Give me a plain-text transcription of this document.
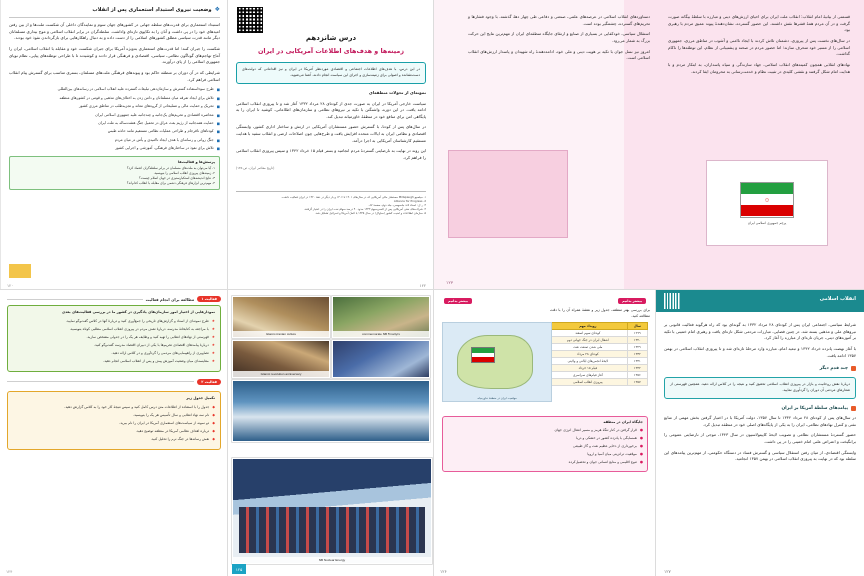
❖
وضعیت نیروی استبداد استعماری پس از انقلاب

استبداد استعماری برای قدرت‌های سلطه جهانی در کشورهای جهان سوم و نمایندگان داخلی آن شکست ملت‌ها و از بین رفتن امیدهای خود را در پی داشت و آنان را به تکاپوی تازه‌ای واداشت. سلطه‌گران در برابر انقلاب اسلامی و موج بیداری مسلمانان دیگر مانند قدرت سیاسی مطلق کشورهای اسلامی را از دست داده و به دنبال راهکارهایی برای بازگرداندن نفوذ خود بودند.

شکست را جبران کنند؛ اما قدرت‌های استعماری به‌ویژه آمریکا برای جبران شکست خود و مقابله با انقلاب اسلامی، ایران را آماج تهاجم‌های گوناگون نظامی، سیاسی، اقتصادی و فرهنگی قرار دادند و کوشیدند تا با طراحی توطئه‌های پیاپی، نظام نوپای جمهوری اسلامی را از پای درآورند.

شرایطی که در آن دوران بر منطقه حاکم بود و پیوندهای فرهنگی ملت‌های مسلمان، بستری مناسب برای گسترش پیام انقلاب اسلامی فراهم کرد.

◼
طرح سوءاستفاده گسترش و سازمان‌دهی تبلیغات گسترده علیه انقلاب اسلامی در رسانه‌های بین‌المللی
◼
تلاش برای ایجاد تفرقه میان مسلمانان و دامن زدن به اختلاف‌های مذهبی و قومی در کشورهای منطقه
◼
تحریک و حمایت مالی و تسلیحاتی از گروه‌های معاند و تجزیه‌طلب در مناطق مرزی کشور
◼
محاصره اقتصادی و تحریم‌های یک‌جانبه و چندجانبه علیه جمهوری اسلامی ایران
◼
حمایت همه‌جانبه از رژیم بعث عراق در تحمیل جنگ هشت‌ساله به ملت ایران
◼
کودتاهای نافرجام و طراحی عملیات نظامی مستقیم مانند حادثه طبس
◼
جنگ روانی و رسانه‌ای با هدف ایجاد ناامیدی و یأس در میان مردم
◼
تلاش برای نفوذ در ساختارهای فرهنگی، آموزشی و اجرایی کشور
پرسش‌ها و فعالیت‌ها
۱. آیا می‌توان به ملت‌های مسلمان در برابر سلطه‌گران اعتماد کرد؟
۲. زمینه‌های پیروزی انقلاب اسلامی را بنویسید.
۳. نتایج اندیشه‌های استکبارستیزی در جهان اسلام چیست؟
۴. مهم‌ترین ابزارهای فرهنگی دشمن برای مقابله با انقلاب کدام‌اند؟
۱۲۰
درس شانزدهم
زمینه‌ها و هدف‌های اطلاعات آمریکایی در ایران
در این درس، با هدف‌های اطلاعات اجتماعی و اقتصادی موردنظر آمریکا در ایران و نیز اقداماتی که دولت‌های دست‌نشانده و اصولی برای زمینه‌سازی و اجرای این سیاست انجام دادند، آشنا می‌شوید.
نمونه‌ای از تحولات منطقه‌ای

سیاست خارجی آمریکا در ایران به صورت جدی از کودتای ۲۸ مرداد ۱۳۳۲ آغاز شد و تا پیروزی انقلاب اسلامی ادامه یافت. در این دوره، واشنگتن با تکیه بر نیروهای نظامی و سازمان‌های اطلاعاتی، کوشید تا ایران را به پایگاهی امن برای منافع خود در منطقهٔ خاورمیانه تبدیل کند.

در سال‌های پس از کودتا، با گسترش حضور مستشاران آمریکایی در ارتش و ساختار اداری کشور، وابستگی اقتصادی و نظامی ایران به ایالات متحده افزایش یافت و طرح‌هایی چون اصلاحات ارضی و انقلاب سفید با هدایت مستقیم کارشناسان آمریکایی به اجرا درآمد.

این روند در نهایت به نارضایتی گستردهٔ مردم انجامید و بستر قیام ۱۵ خرداد ۱۳۴۲ و سپس پیروزی انقلاب اسلامی را فراهم کرد.

(تاریخ معاصر ایران، ص ۱۴۵)
۱. میلسپو Millspaugh مستشار مالی آمریکایی که در سال‌های ۱۳۰۱ تا ۱۳۰۶ و بار دیگر در دههٔ ۱۳۲۰ در ایران فعالیت داشت.
2. Alliance for Progress
۳. ر.ک: اسناد لانهٔ جاسوسی، جلد دوم، صفحهٔ ۸۷.
۴. شرکت‌های نفتی آمریکایی پس از کنسرسیوم ۱۳۳۳ حدود ۴۰ درصد سهام نفت ایران را در اختیار گرفتند.
۵. سازمان اطلاعات و امنیت کشور (ساواک) در سال ۱۳۳۵ با کمک آمریکا و اسرائیل تشکیل شد.
۱۲۲

قسمتی از بیانیهٔ امام انقلاب: انقلاب ملت ایران برای احیای ارزش‌های دینی و مبارزه با سلطهٔ بیگانه صورت گرفت و در آن مردم همهٔ قشرها نقش داشتند. این حضور گسترده، نشان‌دهندهٔ پیوند عمیق مردم با رهبری بود.

در سال‌های نخست پس از پیروزی، دشمنان تلاش کردند با ایجاد ناامنی و آشوب در مناطق مرزی، جمهوری اسلامی را از مسیر خود منحرف سازند؛ اما حضور مردم در صحنه و پشتیبانی از نظام، این توطئه‌ها را ناکام گذاشت.

نهادهای انقلابی همچون کمیته‌های انقلاب اسلامی، جهاد سازندگی و سپاه پاسداران، به ابتکار مردم و با هدایت امام شکل گرفتند و نقشی کلیدی در تثبیت نظام و خدمت‌رسانی به محرومان ایفا کردند.

دستاوردهای انقلاب اسلامی در عرصه‌های علمی، صنعتی و دفاعی طی چهار دههٔ گذشته، با وجود فشارها و تحریم‌های گسترده، چشمگیر بوده است.

استقلال سیاسی، خودکفایی در بسیاری از صنایع و ارتقای جایگاه منطقه‌ای ایران از مهم‌ترین نتایج این حرکت بزرگ به شمار می‌رود.

امروز نیز نسل جوان با تکیه بر هویت دینی و ملی خود، ادامه‌دهندهٔ راه شهیدان و پاسدار ارزش‌های انقلاب اسلامی است.

۞
پرچم جمهوری اسلامی ایران
۱۲۳
فعالیت ۱
مطالعه برای انجام فعالیت
نمودارهایی از اختیار امور سازمان‌های یادگیری در کشور ما در بررسی فعالیت‌های بعدی
★
طرح نمونه‌ای از اسناد و گزارش‌های تاریخی را جمع‌آوری کنید و دربارهٔ آنها در کلاس گفت‌وگو نمایید.
★
با مراجعه به کتابخانهٔ مدرسه، دربارهٔ نقش مردم در پیروزی انقلاب اسلامی مطلبی کوتاه بنویسید.
★
فهرستی از نهادهای انقلابی را تهیه کنید و وظایف هر یک را در جدولی مشخص سازید.
★
دربارهٔ پیامدهای اقتصادی تحریم‌ها با یکی از دبیران اقتصاد مدرسه گفت‌وگو کنید.
★
تصاویری از راهپیمایی‌های مردمی را گردآوری و در کلاس ارائه دهید.
★
مقایسه‌ای میان وضعیت آموزش پیش و پس از انقلاب اسلامی انجام دهید.
فعالیت ۲
تکمیل جدول زیر
◆
جدول را با استفاده از اطلاعات متن درس کامل کنید و سپس نتیجهٔ کار خود را به کلاس گزارش دهید.
◆
نام سه نهاد انقلابی و سال تأسیس هر یک را بنویسید.
◆
دو نمونه از سیاست‌های استعماری آمریکا در ایران را نام ببرید.
◆
درباره اهداف نظامی آمریکا در منطقه توضیح دهید.
◆
نقش رسانه‌ها در جنگ نرم را تحلیل کنید.
۱۲۴
commemorate NB ۴martyrs
Islamic-Iranian culture
Islamic revolution anniversary
NB Nuclear Energy
۱۲۵
بیشتر بدانیم
بیشتر بدانیم
برای بررسی بهتر منطقه، جدول زیر و نقشهٔ همراه آن را با دقت مطالعه کنید.
سال	رویداد مهم
۱۲۹۹	کودتای سوم اسفند
۱۳۲۰	اشغال ایران در جنگ جهانی دوم
۱۳۲۹	ملی شدن صنعت نفت
۱۳۳۲	کودتای ۲۸ مرداد
۱۳۴۱	لایحهٔ انجمن‌های ایالتی و ولایتی
۱۳۴۲	قیام ۱۵ خرداد
۱۳۵۶	آغاز قیام‌های سراسری
۱۳۵۷	پیروزی انقلاب اسلامی
موقعیت ایران در منطقهٔ خاورمیانه
جایگاه ایران در منطقه
●
قرار گرفتن در کنار تنگهٔ هرمز و مسیر انتقال انرژی جهان
●
همسایگی با پانزده کشور در خشکی و دریا
●
برخورداری از ذخایر عظیم نفت و گاز طبیعی
●
موقعیت ترانزیتی میان آسیا و اروپا
●
تنوع اقلیمی و منابع انسانی جوان و تحصیل‌کرده
۱۲۶
انقلاب اسلامی

شرایط سیاسی، اجتماعی ایران پس از کودتای ۲۸ مرداد ۱۳۳۲ به گونه‌ای بود که راه هرگونه فعالیت قانونی بر نیروهای ملی و مذهبی بسته شد. در چنین فضایی، مبارزات مردمی شکل تازه‌ای یافت و رهبری امام خمینی با تکیه بر آموزه‌های دینی، جریان تازه‌ای از مبارزه را آغاز کرد.

با آغاز نهضت پانزده خرداد ۱۳۴۲ و تبعید امام، مبارزه وارد مرحلهٔ تازه‌ای شد و تا پیروزی انقلاب اسلامی در بهمن ۱۳۵۷ ادامه یافت.

چند قدم دیگر
دربارهٔ نقش روحانیت و بازار در پیروزی انقلاب اسلامی تحقیق کنید و نتیجه را در کلاس ارائه دهید. همچنین فهرستی از شعارهای مردمی آن دوران را گردآوری نمایید.
پیامدهای سلطهٔ آمریکا بر ایران

در سال‌های پس از کودتای ۲۸ مرداد ۱۳۳۲ تا سال ۱۳۵۷، دولت آمریکا با در اختیار گرفتن بخش مهمی از منابع نفتی و کنترل نهادهای نظامی، ایران را به یکی از پایگاه‌های اصلی خود در منطقه تبدیل کرد.

حضور گستردهٔ مستشاران نظامی و تصویب لایحهٔ کاپیتولاسیون در سال ۱۳۴۳، موجی از نارضایتی عمومی را برانگیخت و اعتراض علنی امام خمینی را در پی داشت.

وابستگی اقتصادی، از میان رفتن استقلال سیاسی و گسترش فساد در دستگاه حکومتی، از مهم‌ترین پیامدهای این سلطه بود که در نهایت به پیروزی انقلاب اسلامی در بهمن ۱۳۵۷ انجامید.

۱۲۷
